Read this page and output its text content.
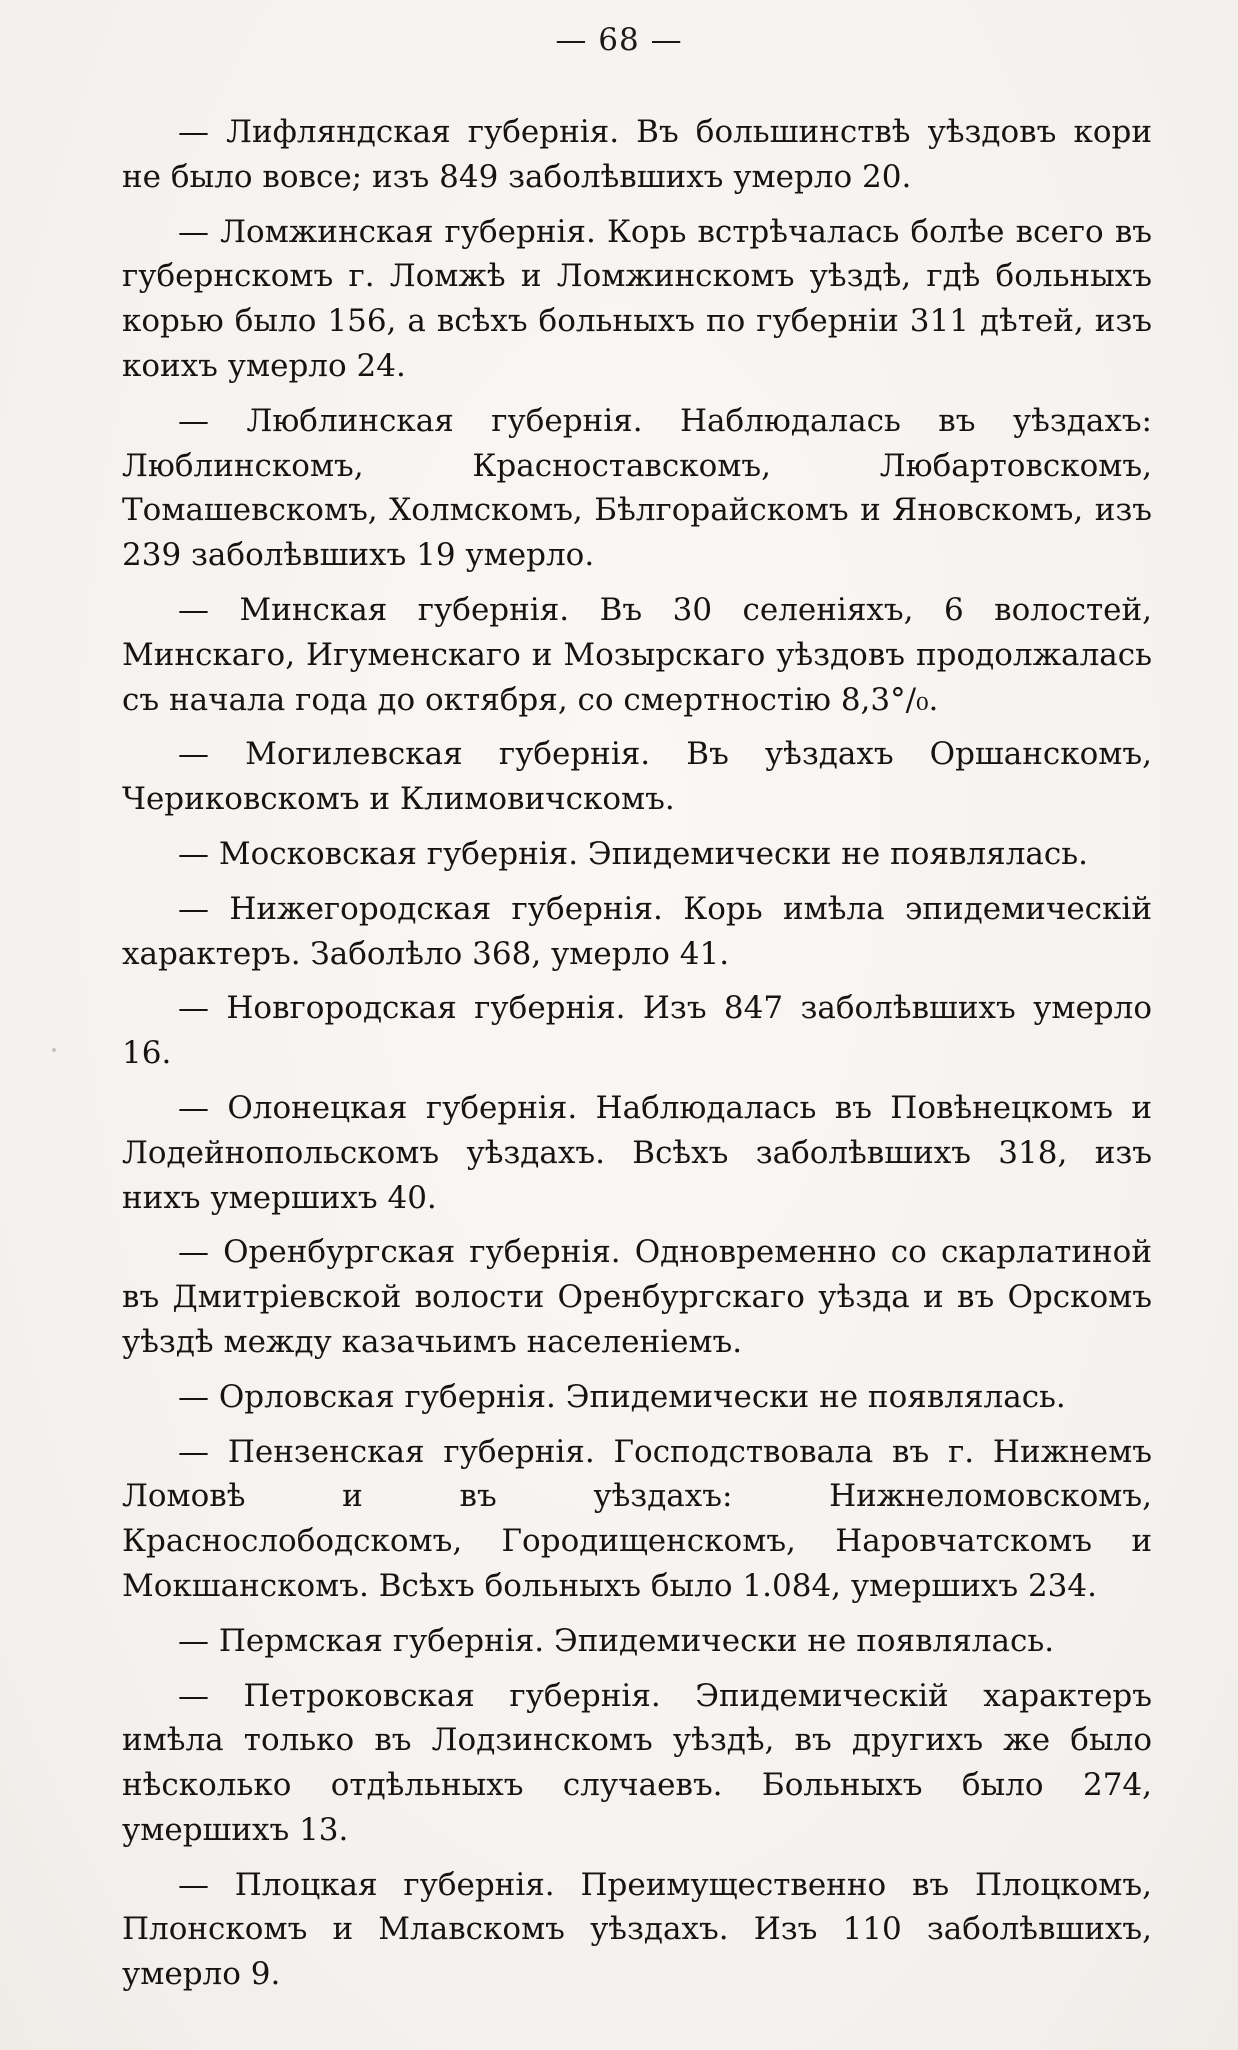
— 68 —

— Лифляндская губернія. Въ большинствѣ уѣздовъ кори не было вовсе; изъ 849 заболѣвшихъ умерло 20.

— Ломжинская губернія. Корь встрѣчалась болѣе всего въ губернскомъ г. Ломжѣ и Ломжинскомъ уѣздѣ, гдѣ больныхъ корью было 156, а всѣхъ больныхъ по губерніи 311 дѣтей, изъ коихъ умерло 24.

— Люблинская губернія. Наблюдалась въ уѣздахъ: Люблинскомъ, Красноставскомъ, Любартовскомъ, Томашевскомъ, Холмскомъ, Бѣлгорайскомъ и Яновскомъ, изъ 239 заболѣвшихъ 19 умерло.

— Минская губернія. Въ 30 селеніяхъ, 6 волостей, Минскаго, Игуменскаго и Мозырскаго уѣздовъ продолжалась съ начала года до октября, со смертностію 8,3°/₀.

— Могилевская губернія. Въ уѣздахъ Оршанскомъ, Чериковскомъ и Климовичскомъ.

— Московская губернія. Эпидемически не появлялась.

— Нижегородская губернія. Корь имѣла эпидемическій характеръ. Заболѣло 368, умерло 41.

— Новгородская губернія. Изъ 847 заболѣвшихъ умерло 16.

— Олонецкая губернія. Наблюдалась въ Повѣнецкомъ и Лодейнопольскомъ уѣздахъ. Всѣхъ заболѣвшихъ 318, изъ нихъ умершихъ 40.

— Оренбургская губернія. Одновременно со скарлатиной въ Дмитріевской волости Оренбургскаго уѣзда и въ Орскомъ уѣздѣ между казачьимъ населеніемъ.

— Орловская губернія. Эпидемически не появлялась.

— Пензенская губернія. Господствовала въ г. Нижнемъ Ломовѣ и въ уѣздахъ: Нижнеломовскомъ, Краснослободскомъ, Городищенскомъ, Наровчатскомъ и Мокшанскомъ. Всѣхъ больныхъ было 1.084, умершихъ 234.

— Пермская губернія. Эпидемически не появлялась.

— Петроковская губернія. Эпидемическій характеръ имѣла только въ Лодзинскомъ уѣздѣ, въ другихъ же было нѣсколько отдѣльныхъ случаевъ. Больныхъ было 274, умершихъ 13.

— Плоцкая губернія. Преимущественно въ Плоцкомъ, Плонскомъ и Млавскомъ уѣздахъ. Изъ 110 заболѣвшихъ, умерло 9.
